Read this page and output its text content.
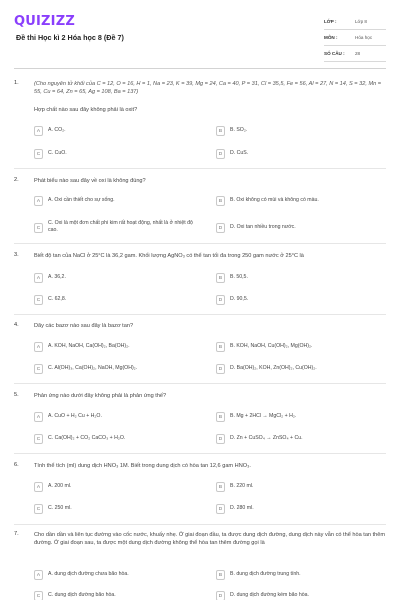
QUIZIZZ
Đề thi Học kì 2 Hóa học 8 (Đề 7)
LỚP :	Lớp 8
MÔN :	Hóa học
SỐ CÂU :	28
1.	(Cho nguyên tử khối của C = 12, O = 16, H = 1, Na = 23, K = 39, Mg = 24, Ca = 40, P = 31, Cl = 35,5, Fe = 56, Al = 27, N = 14, S = 32, Mn = 55, Cu = 64, Zn = 65, Ag = 108, Ba = 137)
Hợp chất nào sau đây không phải là oxit?
A	A. CO₂.	B	B. SO₂.
C	C. CuO.	D	D. CuS.
2.	Phát biểu nào sau đây về oxi là không đúng?
A	A. Oxi cần thiết cho sự sống.	B	B. Oxi không có mùi và không có màu.
C
C. Oxi là một đơn chất phi kim rất hoạt động, nhất là ở nhiệt độ cao.	D	D. Oxi tan nhiều trong nước.
3.	Biết độ tan của NaCl ở 25°C là 36,2 gam. Khối lượng AgNO₃ có thể tan tối đa trong 250 gam nước ở 25°C là
A	A. 36,2.	B	B. 50,5.
C	C. 62,8.	D	D. 90,5.
4.	Dãy các bazơ nào sau đây là bazơ tan?
A	A. KOH, NaOH, Ca(OH)₂, Ba(OH)₂.	B	B. KOH, NaOH, Cu(OH)₂, Mg(OH)₂.
C	C. Al(OH)₃, Ca(OH)₂, NaOH, Mg(OH)₂.	D	D. Ba(OH)₂, KOH, Zn(OH)₂, Cu(OH)₂.
5.	Phản ứng nào dưới đây không phải là phản ứng thế?
A	A. CuO + H₂ Cu + H₂O.	B	B. Mg + 2HCl → MgCl₂ + H₂.
C	C. Ca(OH)₂ + CO₂ CaCO₃ + H₂O.	D	D. Zn + CuSO₄ → ZnSO₄ + Cu.
6.	Tính thể tích (ml) dung dịch HNO₃ 1M. Biết trong dung dịch có hòa tan 12,6 gam HNO₃.
A	A. 200 ml.	B	B. 220 ml.
C	C. 250 ml.	D	D. 280 ml.
7.	Cho dần dần và liên tục đường vào cốc nước, khuấy nhẹ. Ở giai đoạn đầu, ta được dung dịch đường, dung dịch này vẫn có thể hòa tan thêm đường. Ở giai đoạn sau, ta được một dung dịch đường không thể hòa tan thêm đường gọi là
A	A. dung dịch đường chưa bão hòa.	B	B. dung dịch đường trung tính.
C	C. dung dịch đường bão hòa.	D	D. dung dịch đường kém bão hòa.
